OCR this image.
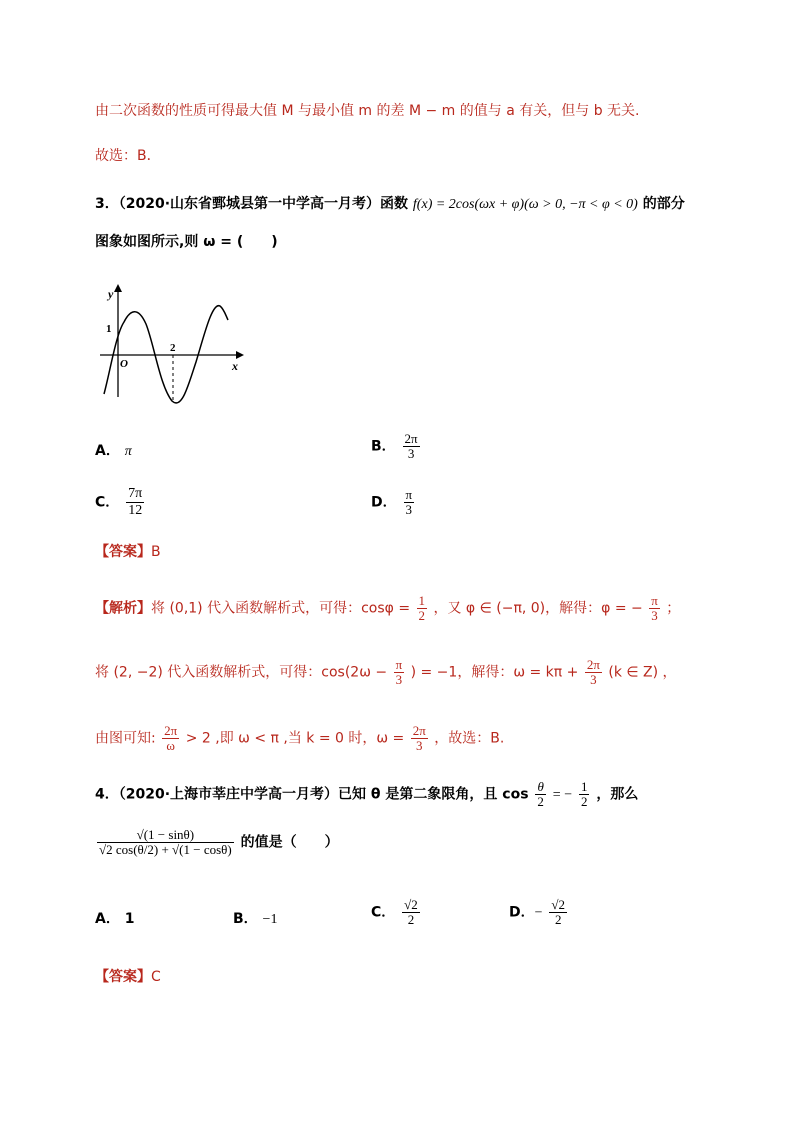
由二次函数的性质可得最大值 M 与最小值 m 的差 M − m 的值与 a 有关，但与 b 无关.
故选：B．
3．（2020·山东省鄄城县第一中学高一月考）函数 f(x) = 2cos(ωx + φ)(ω > 0, −π < φ < 0) 的部分
图象如图所示,则 ω = (　　)
y
x
1
O
2
A． π	B． $\frac{2\pi}{3}$
C． $\frac{7\pi}{12}$	D． $\frac{\pi}{3}$
【答案】B
【解析】将 (0,1) 代入函数解析式，可得：$\cos\varphi = \frac{1}{2}$ ，又 φ ∈ (−π, 0)，解得：φ = − $\frac{\pi}{3}$ ；
将 (2, −2) 代入函数解析式，可得：$\cos(2\omega - \frac{\pi}{3}$ ) = −1，解得：$\omega = k\pi + \frac{2\pi}{3} (k$ ∈ Z) ，
由图可知: $\frac{2\pi}{\omega} > 2$ ,即 ω < π ,当 k = 0 时，$\omega = \frac{2\pi}{3}$ ，故选：B.
4．（2020·上海市莘庄中学高一月考）已知 θ 是第二象限角，且 $\cos \frac{\theta}{2}$ = − $\frac{1}{2}$ ，那么
$\frac{√(1 - \sin\theta)}{√2 \cos(\theta/2) + √(1 - \cos\theta)}$ 的值是（　　）
A． 1	B． −1	C． $\frac{√2}{2}$	D．− $\frac{√2}{2}$
【答案】C
